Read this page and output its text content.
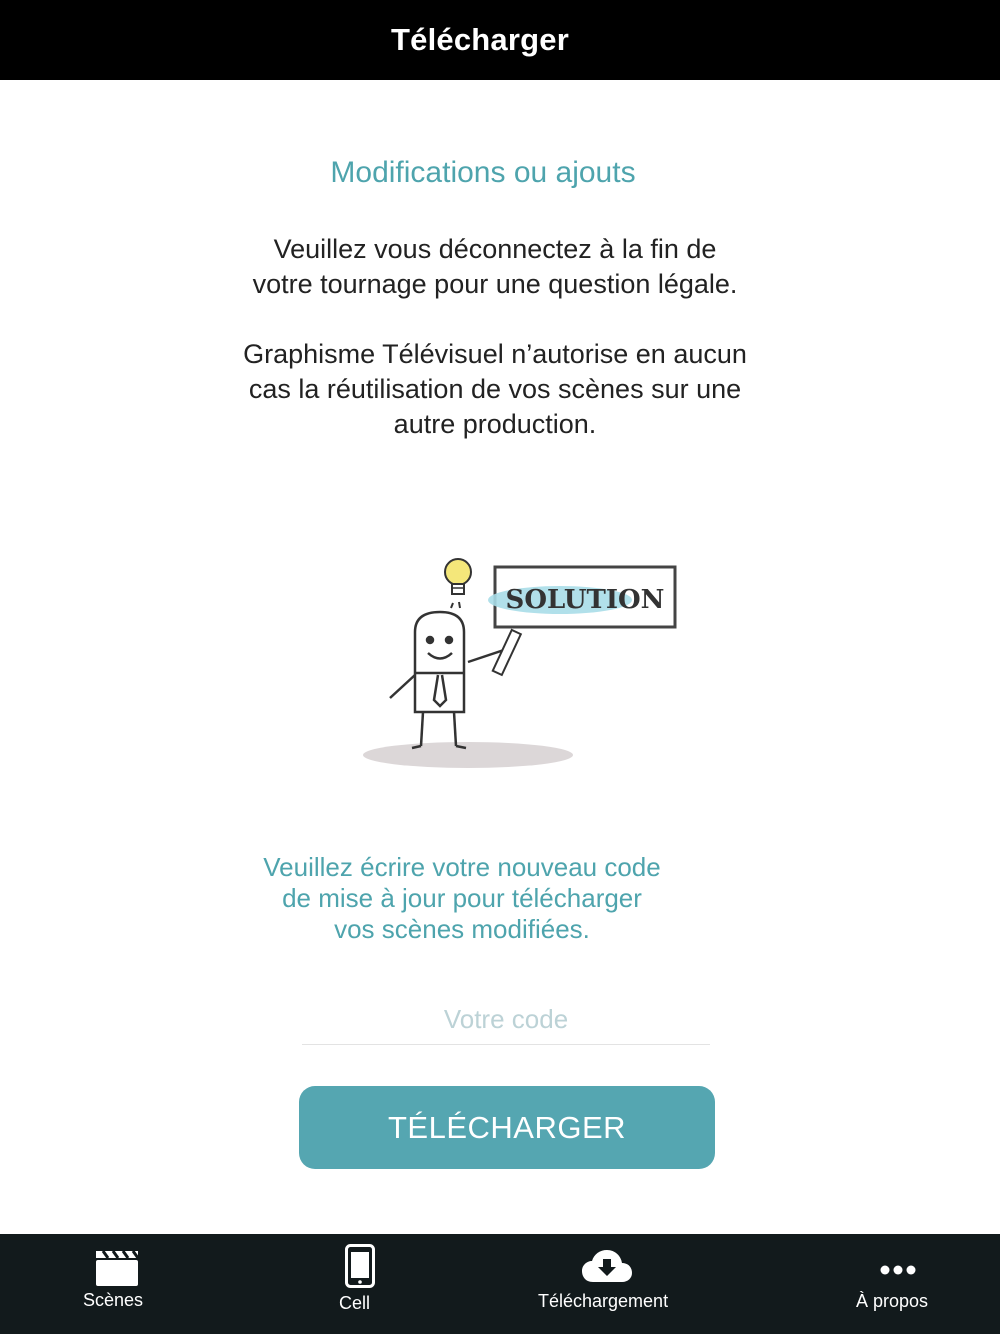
Télécharger
Modifications ou ajouts
Veuillez vous déconnectez à la fin de
votre tournage pour une question légale.
Graphisme Télévisuel n’autorise en aucun
cas la réutilisation de vos scènes sur une
autre production.
SOLUTION
Veuillez écrire votre nouveau code
de mise à jour pour télécharger
vos scènes modifiées.
Votre code
TÉLÉCHARGER
Scènes	Cell	Téléchargement	À propos
